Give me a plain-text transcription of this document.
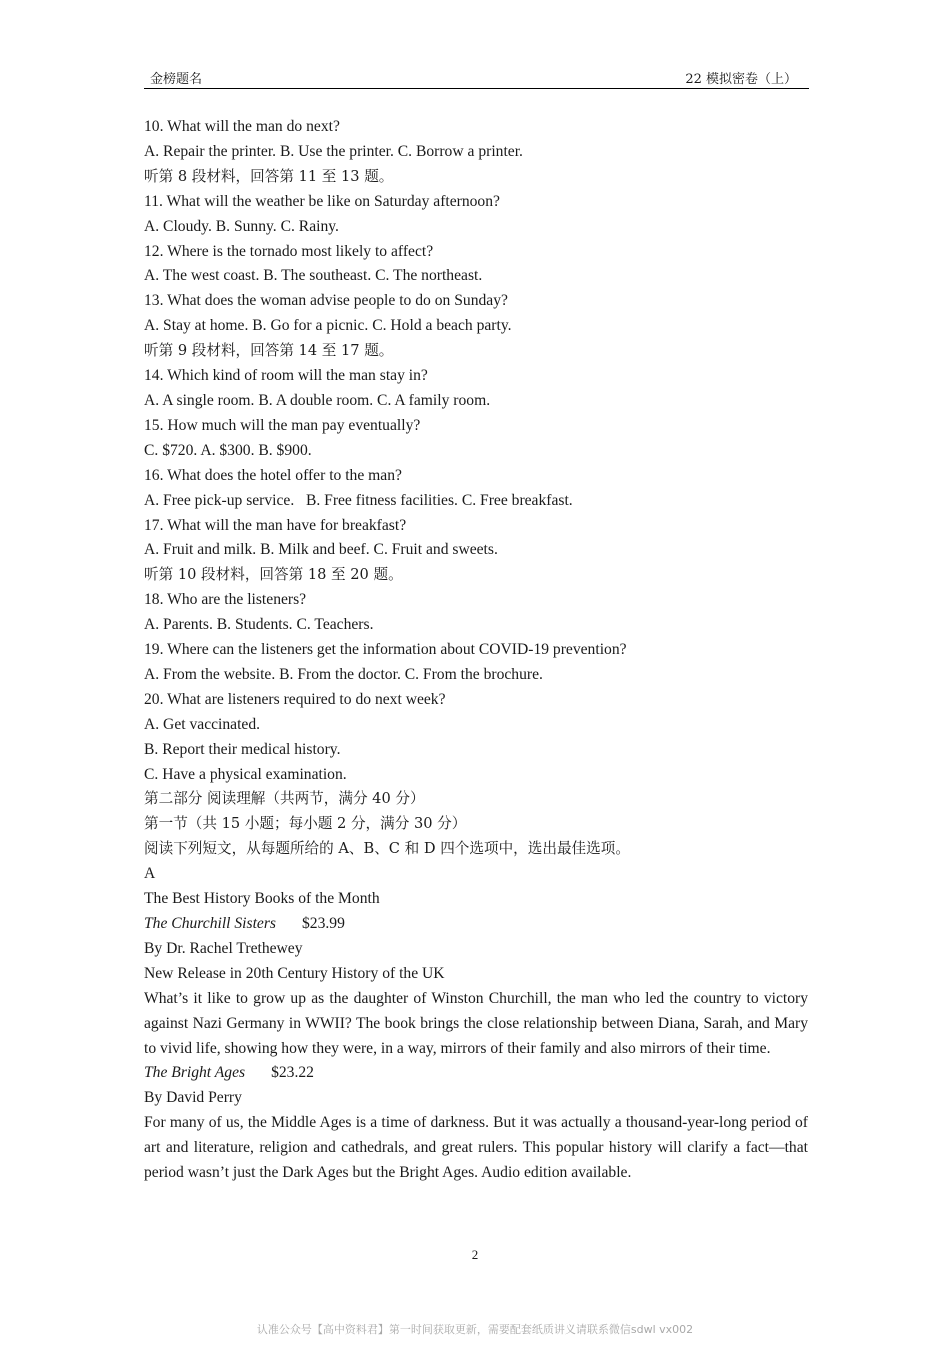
金榜题名	22 模拟密卷（上）
10. What will the man do next?
A. Repair the printer. B. Use the printer. C. Borrow a printer.
听第 8 段材料，回答第 11 至 13 题。
11. What will the weather be like on Saturday afternoon?
A. Cloudy. B. Sunny. C. Rainy.
12. Where is the tornado most likely to affect?
A. The west coast. B. The southeast. C. The northeast.
13. What does the woman advise people to do on Sunday?
A. Stay at home. B. Go for a picnic. C. Hold a beach party.
听第 9 段材料，回答第 14 至 17 题。
14. Which kind of room will the man stay in?
A. A single room. B. A double room. C. A family room.
15. How much will the man pay eventually?
C. $720. A. $300. B. $900.
16. What does the hotel offer to the man?
A. Free pick-up service.   B. Free fitness facilities. C. Free breakfast.
17. What will the man have for breakfast?
A. Fruit and milk. B. Milk and beef. C. Fruit and sweets.
听第 10 段材料，回答第 18 至 20 题。
18. Who are the listeners?
A. Parents. B. Students. C. Teachers.
19. Where can the listeners get the information about COVID-19 prevention?
A. From the website. B. From the doctor. C. From the brochure.
20. What are listeners required to do next week?
A. Get vaccinated.
B. Report their medical history.
C. Have a physical examination.
第二部分 阅读理解（共两节，满分 40 分）
第一节（共 15 小题；每小题 2 分，满分 30 分）
阅读下列短文，从每题所给的 A、B、C 和 D 四个选项中，选出最佳选项。
A
The Best History Books of the Month
The Churchill Sisters $23.99
By Dr. Rachel Trethewey
New Release in 20th Century History of the UK
What’s it like to grow up as the daughter of Winston Churchill, the man who led the country to victory against Nazi Germany in WWII? The book brings the close relationship between Diana, Sarah, and Mary to vivid life, showing how they were, in a way, mirrors of their family and also mirrors of their time.
The Bright Ages $23.22
By David Perry
For many of us, the Middle Ages is a time of darkness. But it was actually a thousand-year-long period of art and literature, religion and cathedrals, and great rulers. This popular history will clarify a fact—that period wasn’t just the Dark Ages but the Bright Ages. Audio edition available.
2
认准公众号【高中资料君】第一时间获取更新，需要配套纸质讲义请联系微信sdwl vx002
